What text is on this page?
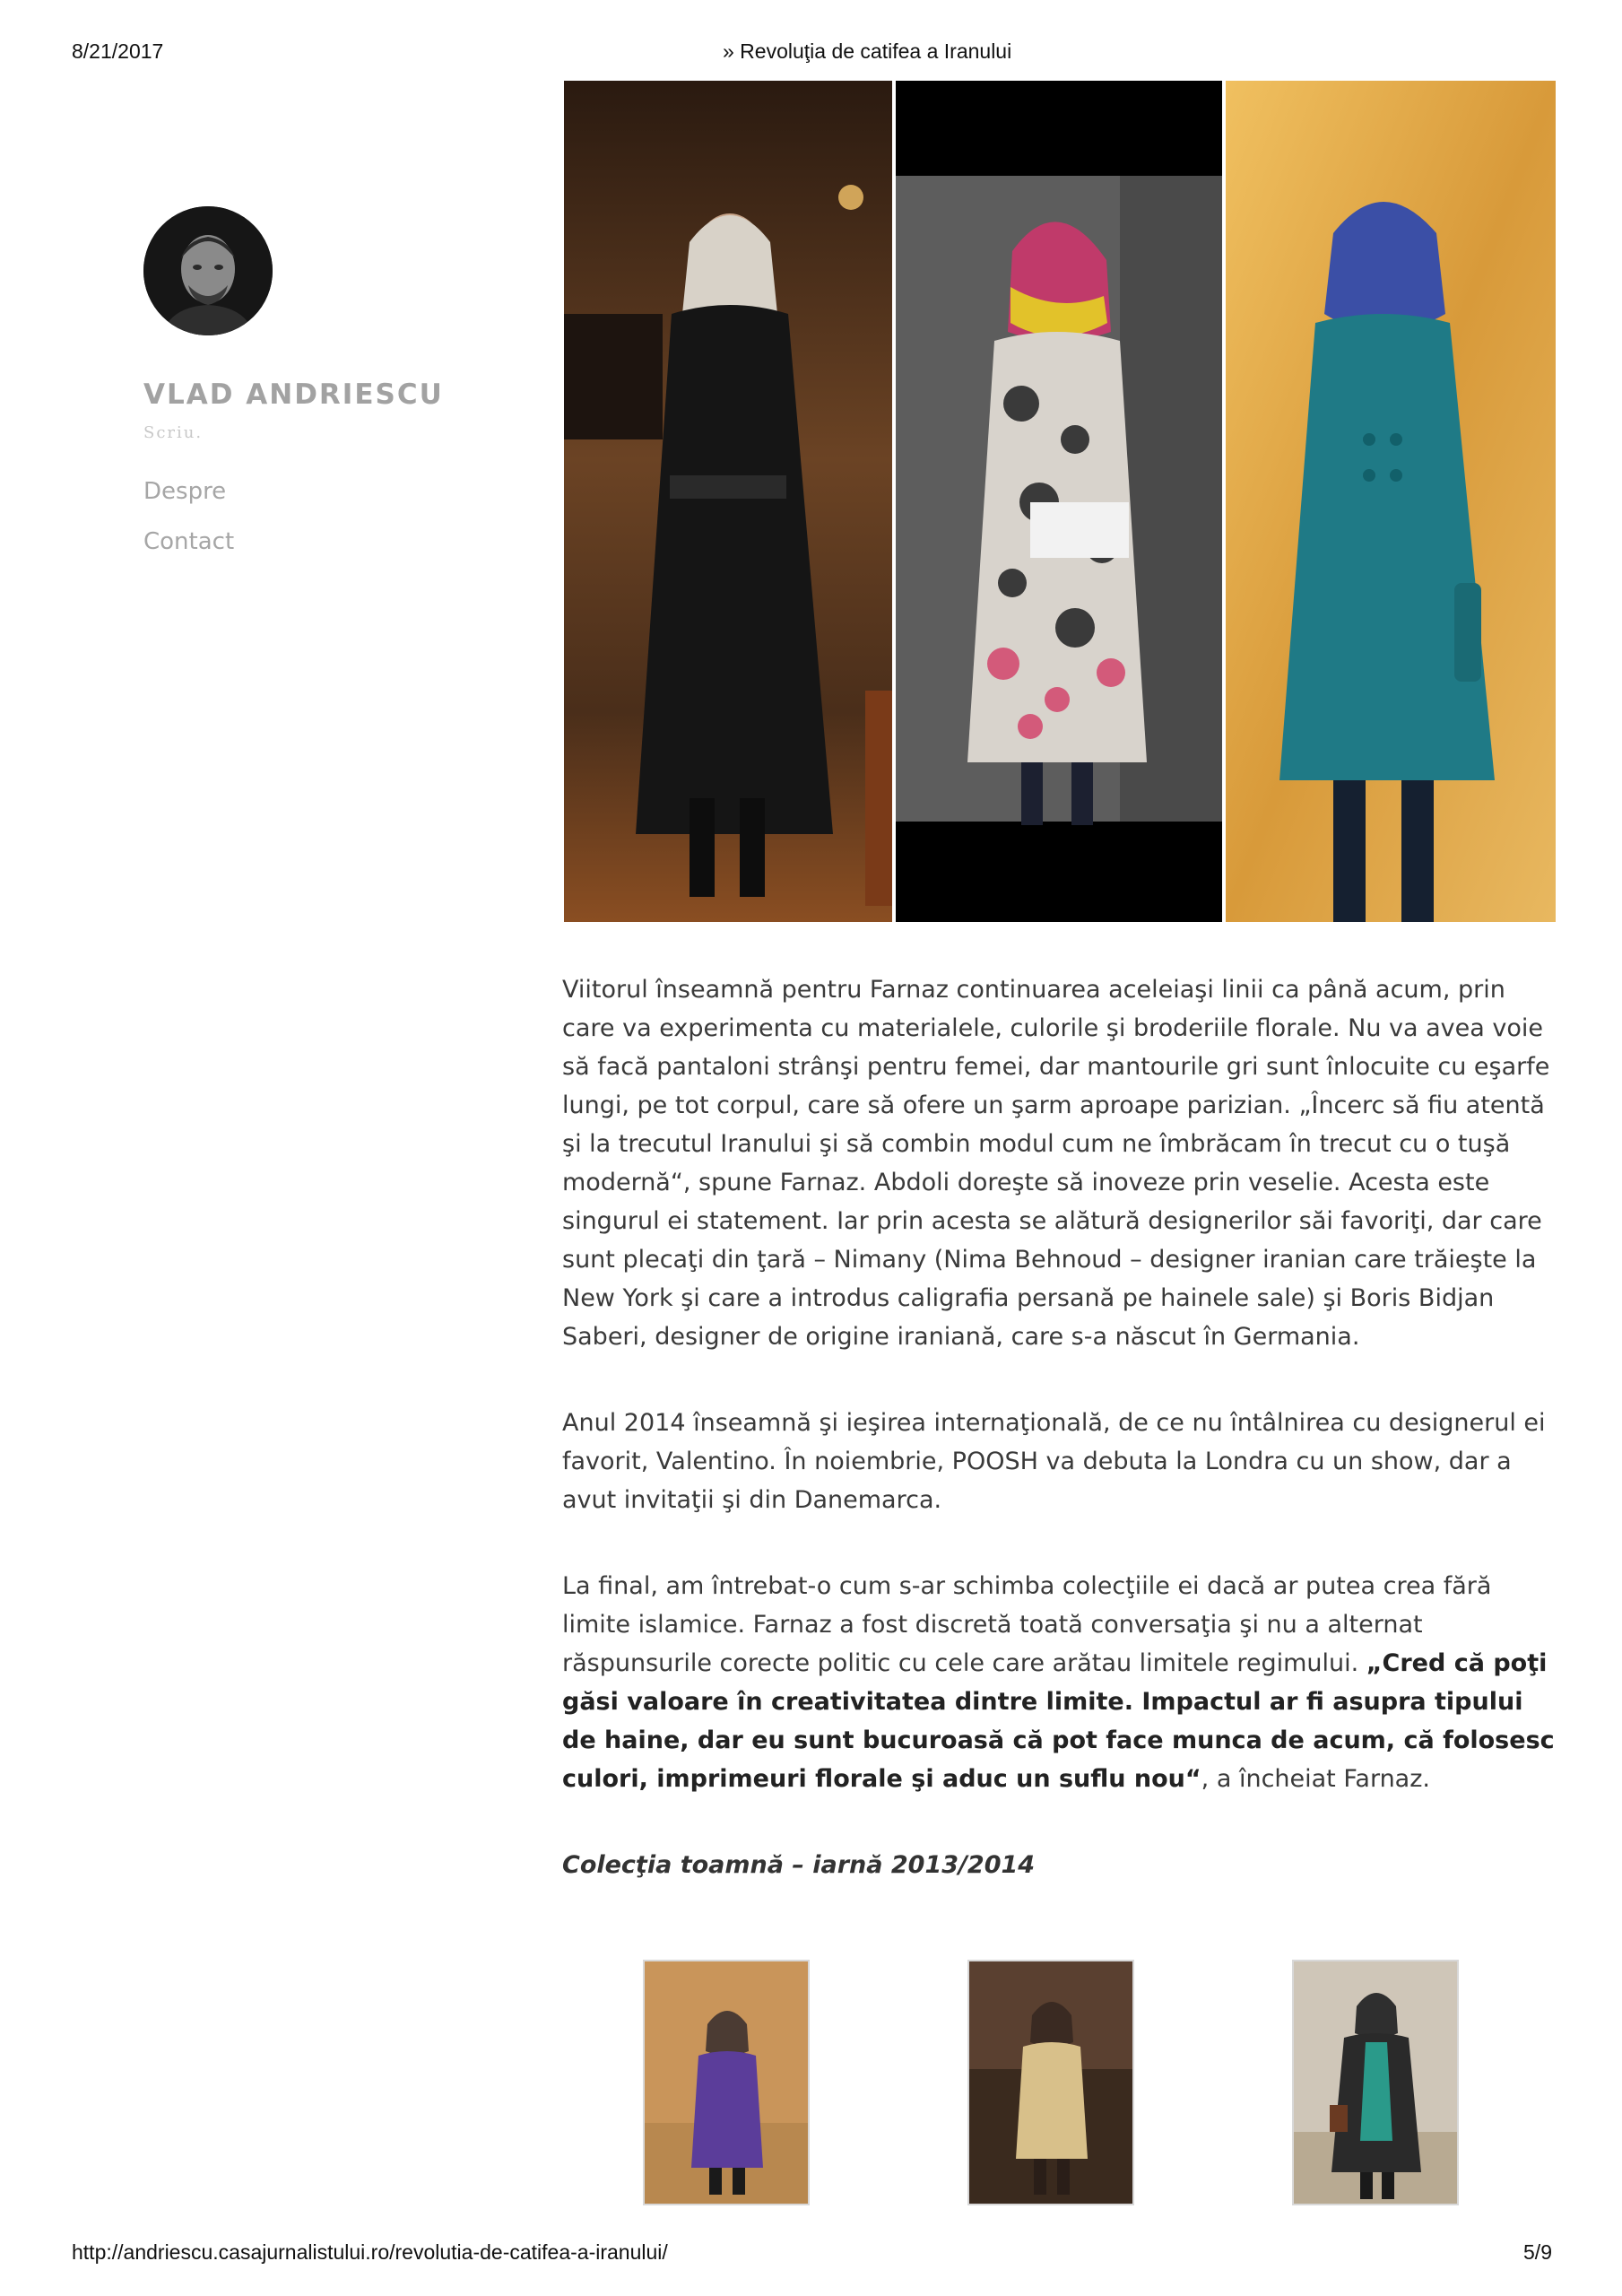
8/21/2017	» Revoluţia de catifea a Iranului
VLAD ANDRIESCU
Scriu.
Despre
Contact

Viitorul înseamnă pentru Farnaz continuarea aceleiaşi linii ca până acum, prin care va experimenta cu materialele, culorile şi broderiile florale. Nu va avea voie să facă pantaloni strânşi pentru femei, dar mantourile gri sunt înlocuite cu eşarfe lungi, pe tot corpul, care să ofere un şarm aproape parizian. „Încerc să fiu atentă şi la trecutul Iranului şi să combin modul cum ne îmbrăcam în trecut cu o tuşă modernă“, spune Farnaz. Abdoli doreşte să inoveze prin veselie. Acesta este singurul ei statement. Iar prin acesta se alătură designerilor săi favoriţi, dar care sunt plecaţi din ţară – Nimany (Nima Behnoud – designer iranian care trăieşte la New York şi care a introdus caligrafia persană pe hainele sale) şi Boris Bidjan Saberi, designer de origine iraniană, care s-a născut în Germania.

Anul 2014 înseamnă şi ieşirea internaţională, de ce nu întâlnirea cu designerul ei favorit, Valentino. În noiembrie, POOSH va debuta la Londra cu un show, dar a avut invitaţii şi din Danemarca.

La final, am întrebat-o cum s-ar schimba colecţiile ei dacă ar putea crea fără limite islamice. Farnaz a fost discretă toată conversaţia şi nu a alternat răspunsurile corecte politic cu cele care arătau limitele regimului. „Cred că poţi găsi valoare în creativitatea dintre limite. Impactul ar fi asupra tipului de haine, dar eu sunt bucuroasă că pot face munca de acum, că folosesc culori, imprimeuri florale şi aduc un suflu nou“, a încheiat Farnaz.

Colecţia toamnă – iarnă 2013/2014

http://andriescu.casajurnalistului.ro/revolutia-de-catifea-a-iranului/	5/9
